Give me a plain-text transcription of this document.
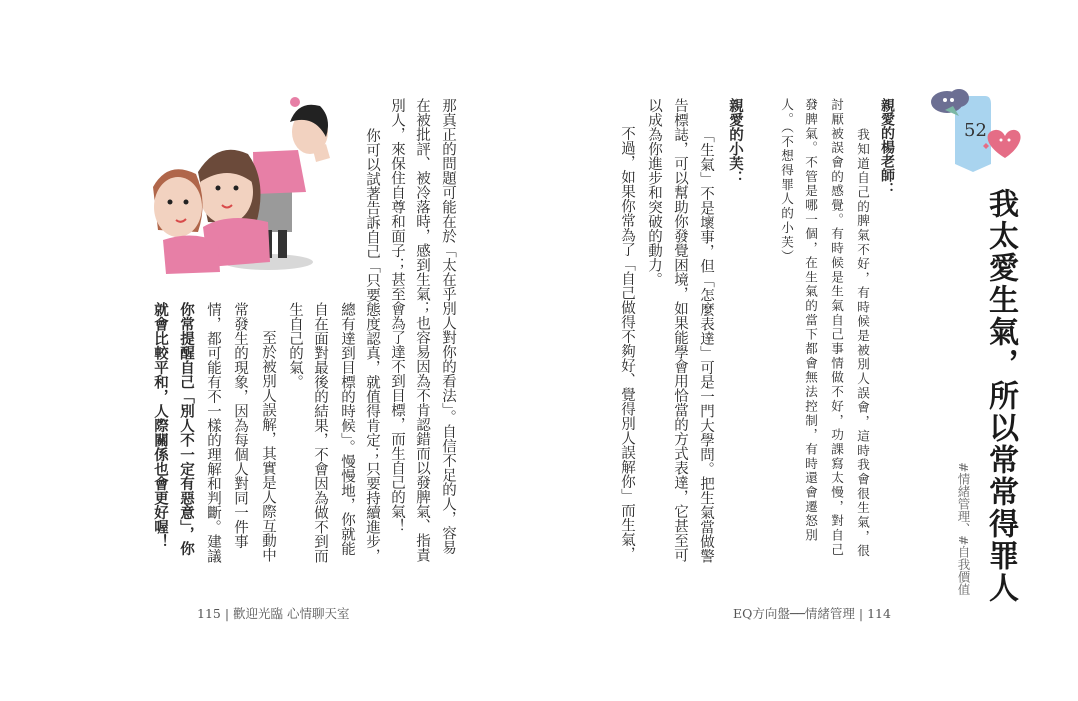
52
我太愛生氣，所以常常得罪人
#情緒管理、#自我價值
親愛的楊老師：
我知道自己的脾氣不好，有時候是被別人誤會，這時我會很生氣，很
討厭被誤會的感覺。有時候是生氣自己事情做不好，功課寫太慢，對自己
發脾氣。不管是哪一個，在生氣的當下都會無法控制，有時還會遷怒別
人。（不想得罪人的小芙）
親愛的小芙：
「生氣」不是壞事，但「怎麼表達」可是一門大學問。把生氣當做警
告標誌，可以幫助你發覺困境，如果能學會用恰當的方式表達，它甚至可
以成為你進步和突破的動力。
不過，如果你常為了「自己做得不夠好、覺得別人誤解你」而生氣，
EQ方向盤──情緒管理 | 114
那真正的問題可能在於「太在乎別人對你的看法」。自信不足的人，容易
在被批評、被冷落時，感到生氣；也容易因為不肯認錯而以發脾氣、指責
別人，來保住自尊和面子；甚至會為了達不到目標，而生自己的氣！
你可以試著告訴自己「只要態度認真，就值得肯定；只要持續進步，
總有達到目標的時候」。慢慢地，你就能
自在面對最後的結果，不會因為做不到而
生自己的氣。
至於被別人誤解，其實是人際互動中
常發生的現象，因為每個人對同一件事
情，都可能有不一樣的理解和判斷。建議
你常提醒自己「別人不一定有惡意」，你
就會比較平和，人際關係也會更好喔！
115 | 歡迎光臨 心情聊天室
